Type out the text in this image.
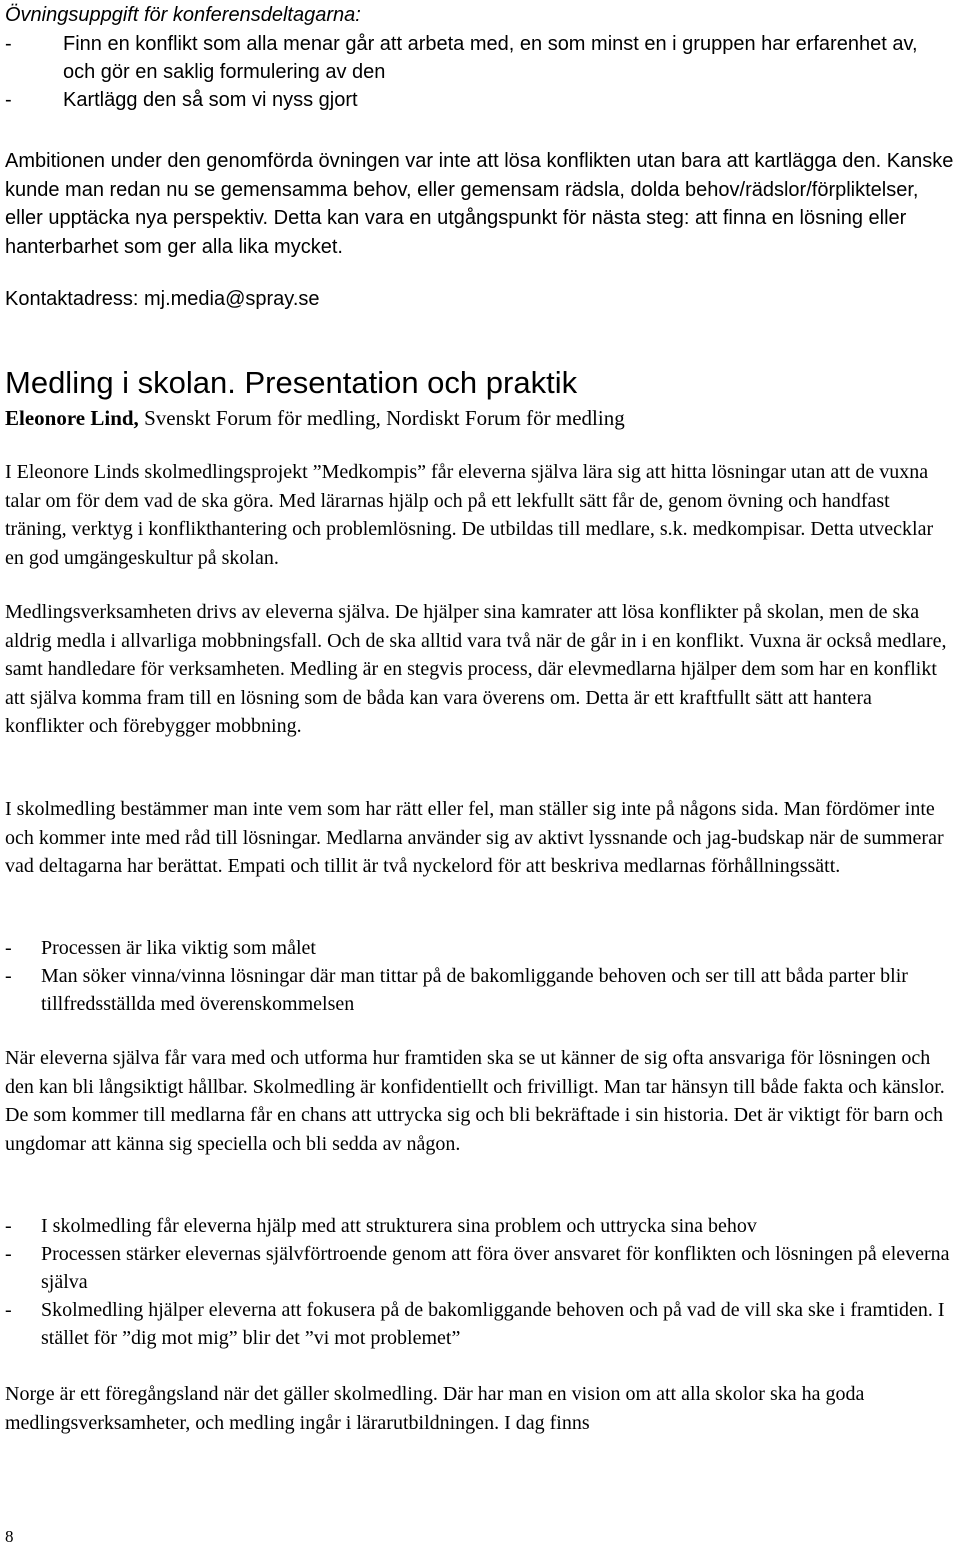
Övningsuppgift för konferensdeltagarna:

-	Finn en konflikt som alla menar går att arbeta med, en som minst en i gruppen har erfarenhet av, och gör en saklig formulering av den
-	Kartlägg den så som vi nyss gjort

Ambitionen under den genomförda övningen var inte att lösa konflikten utan bara att kartlägga den. Kanske kunde man redan nu se gemensamma behov, eller gemensam rädsla, dolda behov/rädslor/förpliktelser, eller upptäcka nya perspektiv. Detta kan vara en utgångspunkt för nästa steg: att finna en lösning eller hanterbarhet som ger alla lika mycket.

Kontaktadress: mj.media@spray.se

Medling i skolan. Presentation och praktik

Eleonore Lind, Svenskt Forum för medling, Nordiskt Forum för medling

I Eleonore Linds skolmedlingsprojekt ”Medkompis” får eleverna själva lära sig att hitta lösningar utan att de vuxna talar om för dem vad de ska göra. Med lärarnas hjälp och på ett lekfullt sätt får de, genom övning och handfast träning, verktyg i konflikthantering och problemlösning. De utbildas till medlare, s.k. medkompisar. Detta utvecklar en god umgängeskultur på skolan.

Medlingsverksamheten drivs av eleverna själva. De hjälper sina kamrater att lösa konflikter på skolan, men de ska aldrig medla i allvarliga mobbningsfall. Och de ska alltid vara två när de går in i en konflikt. Vuxna är också medlare, samt handledare för verksamheten. Medling är en stegvis process, där elevmedlarna hjälper dem som har en konflikt att själva komma fram till en lösning som de båda kan vara överens om. Detta är ett kraftfullt sätt att hantera konflikter och förebygger mobbning.

I skolmedling bestämmer man inte vem som har rätt eller fel, man ställer sig inte på någons sida. Man fördömer inte och kommer inte med råd till lösningar. Medlarna använder sig av aktivt lyssnande och jag-budskap när de summerar vad deltagarna har berättat. Empati och tillit är två nyckelord för att beskriva medlarnas förhållningssätt.

- Processen är lika viktig som målet
- Man söker vinna/vinna lösningar där man tittar på de bakomliggande behoven och ser till att båda parter blir tillfredsställda med överenskommelsen

När eleverna själva får vara med och utforma hur framtiden ska se ut känner de sig ofta ansvariga för lösningen och den kan bli långsiktigt hållbar. Skolmedling är konfidentiellt och frivilligt. Man tar hänsyn till både fakta och känslor. De som kommer till medlarna får en chans att uttrycka sig och bli bekräftade i sin historia. Det är viktigt för barn och ungdomar att känna sig speciella och bli sedda av någon.

- I skolmedling får eleverna hjälp med att strukturera sina problem och uttrycka sina behov
- Processen stärker elevernas självförtroende genom att föra över ansvaret för konflikten och lösningen på eleverna själva
- Skolmedling hjälper eleverna att fokusera på de bakomliggande behoven och på vad de vill ska ske i framtiden. I stället för ”dig mot mig” blir det ”vi mot problemet”

Norge är ett föregångsland när det gäller skolmedling. Där har man en vision om att alla skolor ska ha goda medlingsverksamheter, och medling ingår i lärarutbildningen. I dag finns

8
